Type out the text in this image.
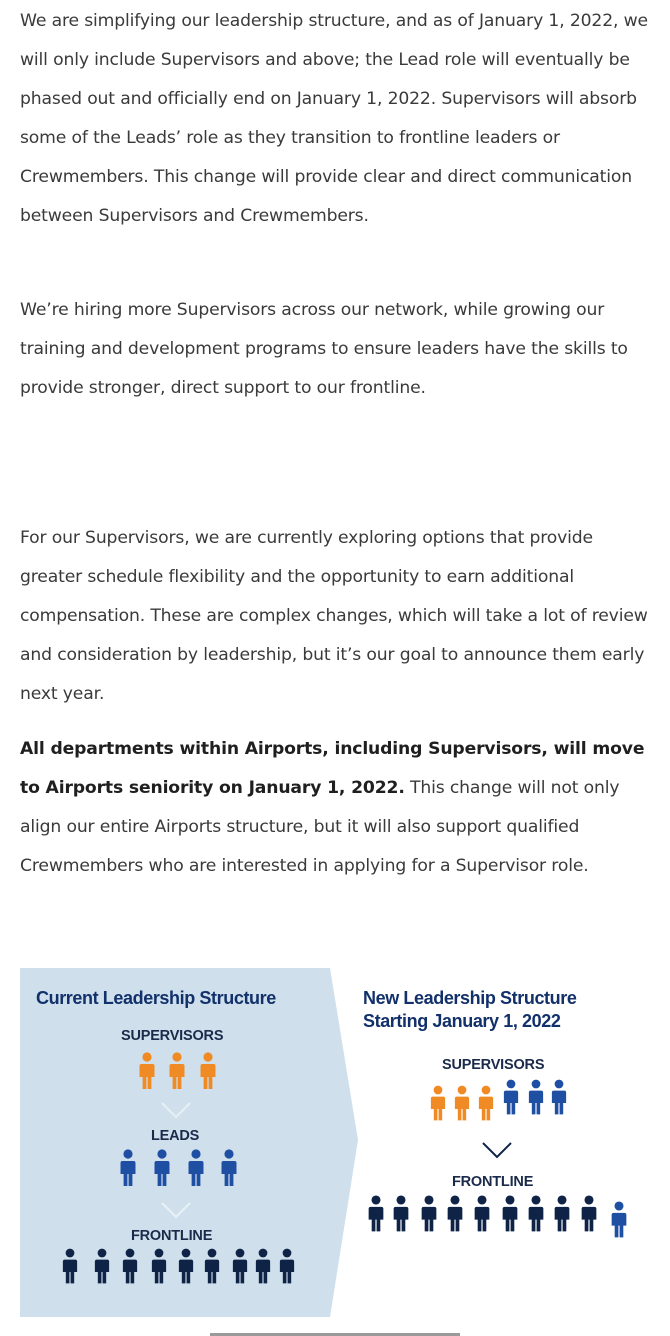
We are simplifying our leadership structure, and as of January 1, 2022, we will only include Supervisors and above; the Lead role will eventually be phased out and officially end on January 1, 2022. Supervisors will absorb some of the Leads’ role as they transition to frontline leaders or Crewmembers. This change will provide clear and direct communication between Supervisors and Crewmembers.

We’re hiring more Supervisors across our network, while growing our training and development programs to ensure leaders have the skills to provide stronger, direct support to our frontline.

For our Supervisors, we are currently exploring options that provide greater schedule flexibility and the opportunity to earn additional compensation. These are complex changes, which will take a lot of review and consideration by leadership, but it’s our goal to announce them early next year.

All departments within Airports, including Supervisors, will move to Airports seniority on January 1, 2022. This change will not only align our entire Airports structure, but it will also support qualified Crewmembers who are interested in applying for a Supervisor role.

Current Leadership Structure
SUPERVISORS
LEADS
FRONTLINE
New Leadership Structure
Starting January 1, 2022
SUPERVISORS
FRONTLINE
